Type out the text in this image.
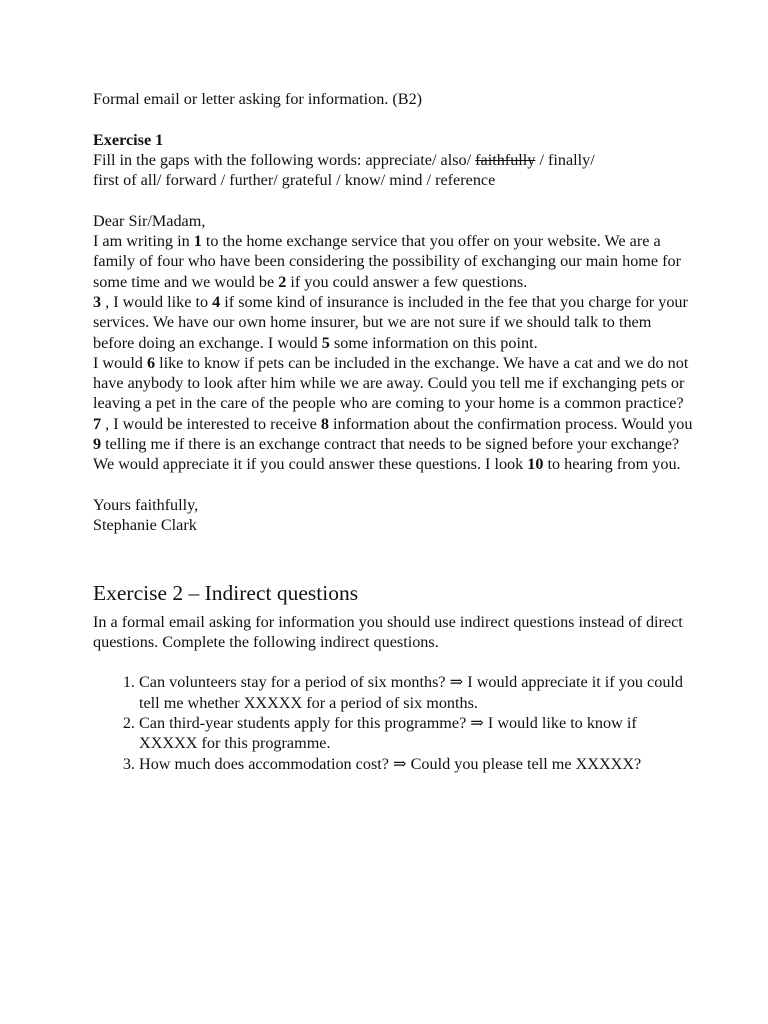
Formal email or letter asking for information. (B2)

Exercise 1

Fill in the gaps with the following words: appreciate/ also/ faithfully / finally/
first of all/ forward / further/ grateful / know/ mind / reference

Dear Sir/Madam,

I am writing in 1 to the home exchange service that you offer on your website. We are a family of four who have been considering the possibility of exchanging our main home for some time and we would be 2 if you could answer a few questions.

3 , I would like to 4 if some kind of insurance is included in the fee that you charge for your services. We have our own home insurer, but we are not sure if we should talk to them before doing an exchange. I would 5 some information on this point.

I would 6 like to know if pets can be included in the exchange. We have a cat and we do not have anybody to look after him while we are away. Could you tell me if exchanging pets or leaving a pet in the care of the people who are coming to your home is a common practice?

7 , I would be interested to receive 8 information about the confirmation process. Would you 9 telling me if there is an exchange contract that needs to be signed before your exchange?

We would appreciate it if you could answer these questions. I look 10 to hearing from you.

Yours faithfully,

Stephanie Clark

Exercise 2 – Indirect questions

In a formal email asking for information you should use indirect questions instead of direct questions. Complete the following indirect questions.

1. Can volunteers stay for a period of six months? ⇒ I would appreciate it if you could tell me whether XXXXX for a period of six months.
2. Can third-year students apply for this programme? ⇒ I would like to know if XXXXX for this programme.
3. How much does accommodation cost? ⇒ Could you please tell me XXXXX?
